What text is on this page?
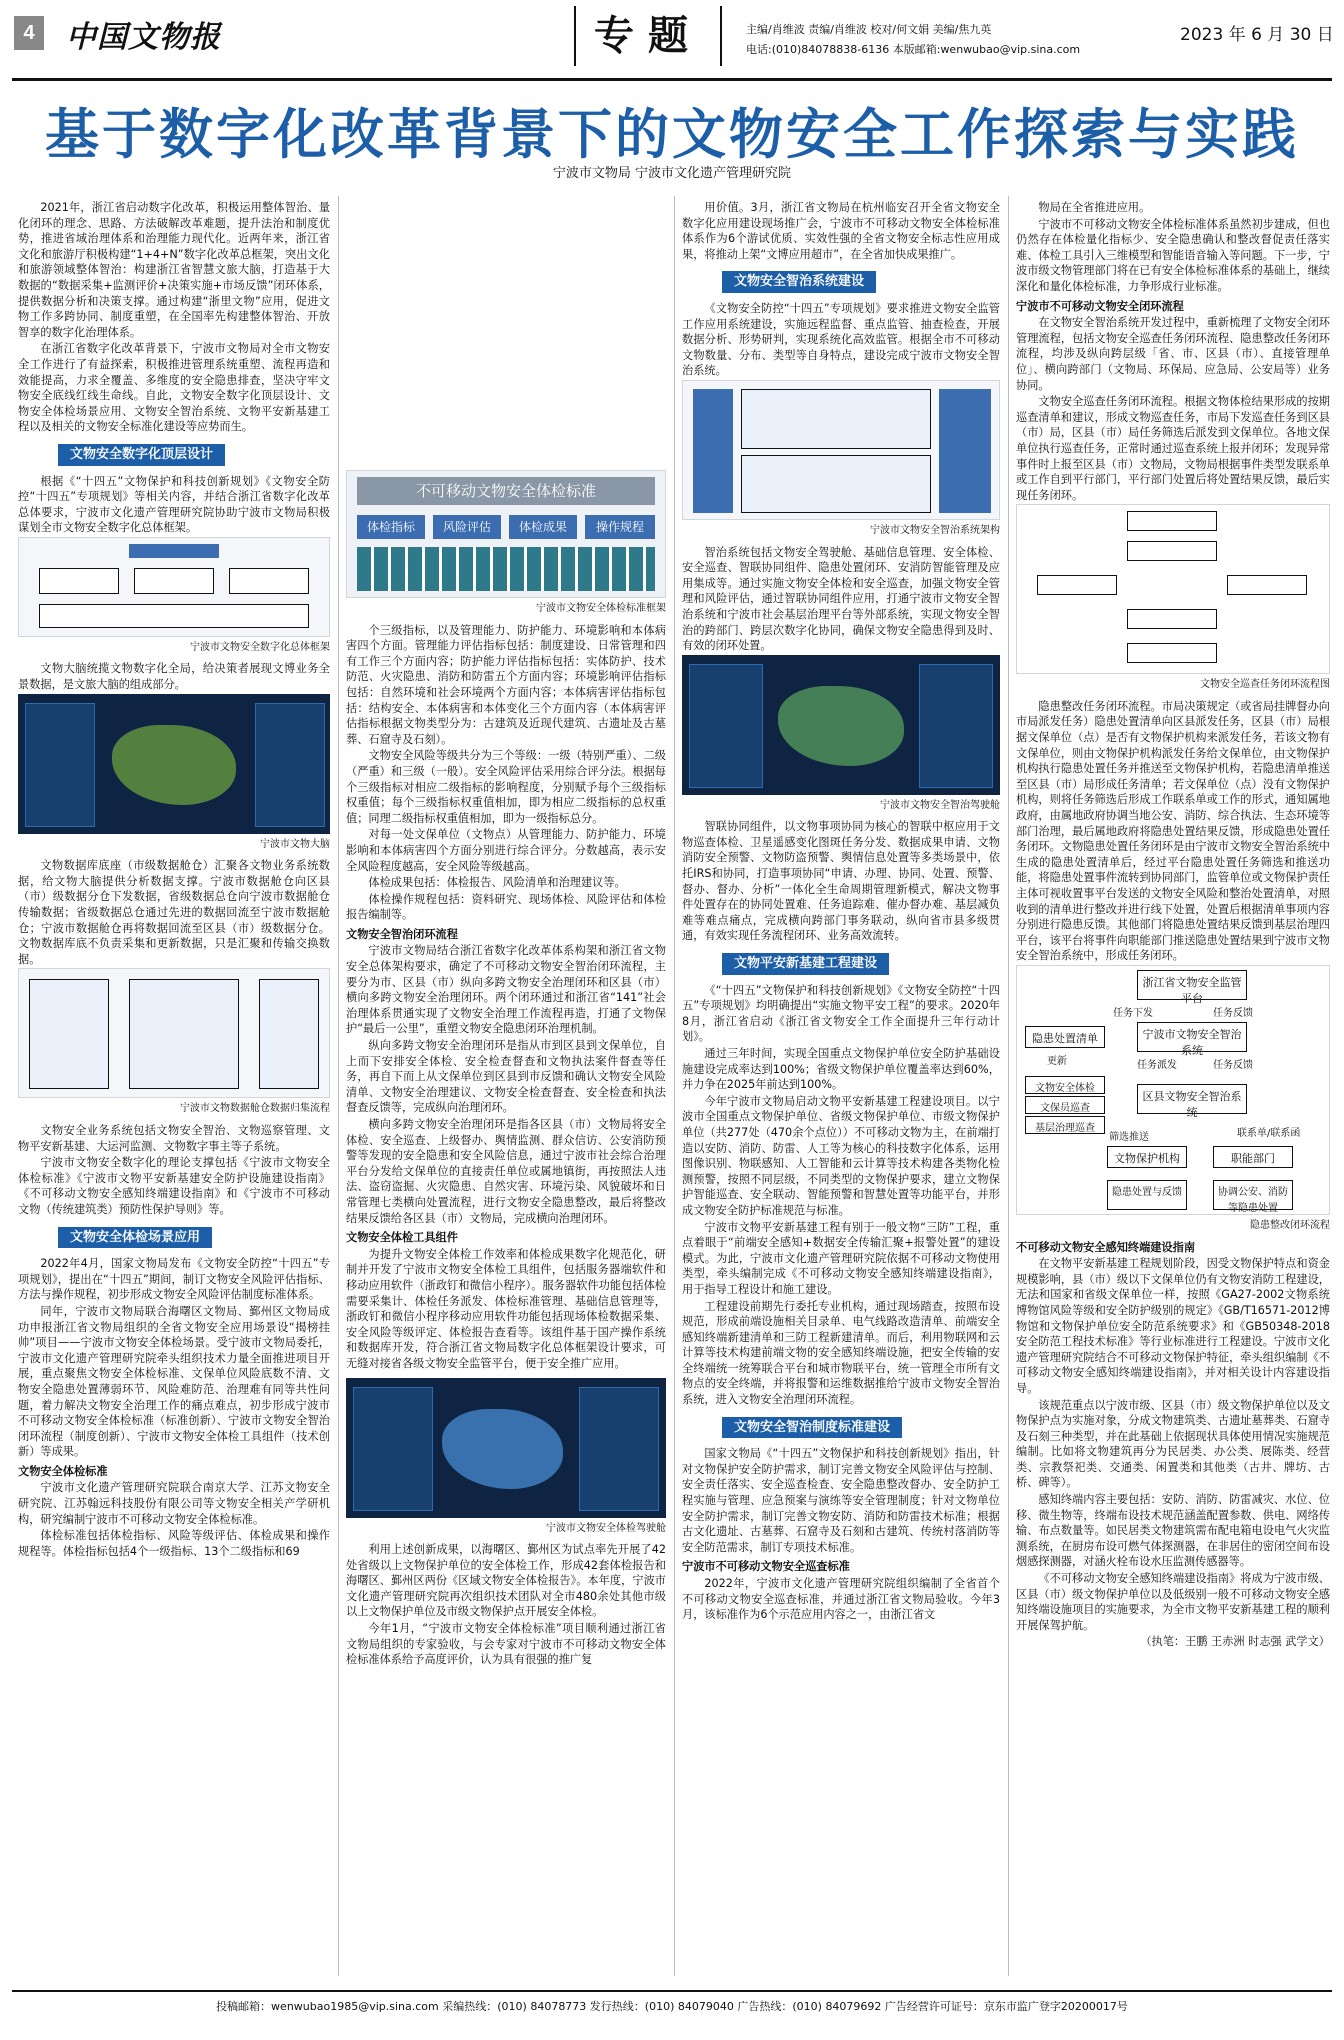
4	中国文物报	专题	主编/肖维波 责编/肖维波 校对/何文娟 美编/焦九英
电话:(010)84078838-6136 本版邮箱:wenwubao@vip.sina.com
2023 年 6 月 30 日
基于数字化改革背景下的文物安全工作探索与实践
宁波市文物局 宁波市文化遗产管理研究院

2021年，浙江省启动数字化改革，积极运用整体智治、量化闭环的理念、思路、方法破解改革难题，提升法治和制度优势，推进省域治理体系和治理能力现代化。近两年来，浙江省文化和旅游厅积极构建“1+4+N”数字化改革总框架，突出文化和旅游领域整体智治：构建浙江省智慧文旅大脑，打造基于大数据的“数据采集+监测评价+决策实施+市场反馈”闭环体系，提供数据分析和决策支撑。通过构建“浙里文物”应用，促进文物工作多跨协同、制度重塑，在全国率先构建整体智治、开放智享的数字化治理体系。

在浙江省数字化改革背景下，宁波市文物局对全市文物安全工作进行了有益探索，积极推进管理系统重塑、流程再造和效能提高，力求全覆盖、多维度的安全隐患排查，坚决守牢文物安全底线红线生命线。自此，文物安全数字化顶层设计、文物安全体检场景应用、文物安全智治系统、文物平安新基建工程以及相关的文物安全标准化建设等应势而生。

文物安全数字化顶层设计

根据《“十四五”文物保护和科技创新规划》《文物安全防控“十四五”专项规划》等相关内容，并结合浙江省数字化改革总体要求，宁波市文化遗产管理研究院协助宁波市文物局积极谋划全市文物安全数字化总体框架。

宁波市文物安全数字化总体框架

文物大脑统揽文物数字化全局，给决策者展现文博业务全景数据，是文旅大脑的组成部分。

宁波市文物大脑

文物数据库底座（市级数据舱仓）汇聚各文物业务系统数据，给文物大脑提供分析数据支撑。宁波市数据舱仓向区县（市）级数据分仓下发数据，省级数据总仓向宁波市数据舱仓传输数据；省级数据总仓通过先进的数据回流至宁波市数据舱仓；宁波市数据舱仓再将数据回流至区县（市）级数据分仓。文物数据库底不负责采集和更新数据，只是汇聚和传输交换数据。

宁波市文物数据舱仓数据归集流程

文物安全业务系统包括文物安全智治、文物巡察管理、文物平安新基建、大运河监测、文物数字事主等子系统。

宁波市文物安全数字化的理论支撑包括《宁波市文物安全体检标准》《宁波市文物平安新基建安全防护设施建设指南》《不可移动文物安全感知终端建设指南》和《宁波市不可移动文物（传统建筑类）预防性保护导则》等。

文物安全体检场景应用

2022年4月，国家文物局发布《文物安全防控“十四五”专项规划》，提出在“十四五”期间，制订文物安全风险评估指标、方法与操作规程，初步形成文物安全风险评估制度标准体系。

同年，宁波市文物局联合海曙区文物局、鄞州区文物局成功申报浙江省文物局组织的全省文物安全应用场景设“揭榜挂帅”项目——宁波市文物安全体检场景。受宁波市文物局委托，宁波市文化遗产管理研究院牵头组织技术力量全面推进项目开展，重点聚焦文物安全体检标准、文保单位风险底数不清、文物安全隐患处置薄弱环节、风险难防范、治理难有同等共性问题，着力解决文物安全治理工作的痛点难点，初步形成宁波市不可移动文物安全体检标准（标准创新）、宁波市文物安全智治闭环流程（制度创新）、宁波市文物安全体检工具组件（技术创新）等成果。

文物安全体检标准

宁波市文化遗产管理研究院联合南京大学、江苏文物安全研究院、江苏翰远科技股份有限公司等文物安全相关产学研机构，研究编制宁波市不可移动文物安全体检标准。

体检标准包括体检指标、风险等级评估、体检成果和操作规程等。体检指标包括4个一级指标、13个二级指标和69

不可移动文物安全体检标准
体检指标	风险评估	体检成果	操作规程
宁波市文物安全体检标准框架

个三级指标，以及管理能力、防护能力、环境影响和本体病害四个方面。管理能力评估指标包括：制度建设、日常管理和四有工作三个方面内容；防护能力评估指标包括：实体防护、技术防范、火灾隐患、消防和防雷五个方面内容；环境影响评估指标包括：自然环境和社会环境两个方面内容；本体病害评估指标包括：结构安全、本体病害和本体变化三个方面内容（本体病害评估指标根据文物类型分为：古建筑及近现代建筑、古遗址及古墓葬、石窟寺及石刻）。

文物安全风险等级共分为三个等级：一级（特别严重）、二级（严重）和三级（一般）。安全风险评估采用综合评分法。根据每个三级指标对相应二级指标的影响程度，分别赋予每个三级指标权重值；每个三级指标权重值相加，即为相应二级指标的总权重值；同理二级指标权重值相加，即为一级指标总分。

对每一处文保单位（文物点）从管理能力、防护能力、环境影响和本体病害四个方面分别进行综合评分。分数越高，表示安全风险程度越高，安全风险等级越高。

体检成果包括：体检报告、风险清单和治理建议等。

体检操作规程包括：资料研究、现场体检、风险评估和体检报告编制等。

文物安全智治闭环流程

宁波市文物局结合浙江省数字化改革体系构架和浙江省文物安全总体架构要求，确定了不可移动文物安全智治闭环流程，主要分为市、区县（市）纵向多跨文物安全治理闭环和区县（市）横向多跨文物安全治理闭环。两个闭环通过和浙江省“141”社会治理体系贯通实现了文物安全治理工作流程再造，打通了文物保护“最后一公里”，重塑文物安全隐患闭环治理机制。

纵向多跨文物安全治理闭环是指从市到区县到文保单位，自上而下安排安全体检、安全检查督查和文物执法案件督查等任务，再自下而上从文保单位到区县到市反馈和确认文物安全风险清单、文物安全治理建议、文物安全检查督查、安全检查和执法督查反馈等，完成纵向治理闭环。

横向多跨文物安全治理闭环是指各区县（市）文物局将安全体检、安全巡查、上级督办、舆情监测、群众信访、公安消防预警等发现的安全隐患和安全风险信息，通过宁波市社会综合治理平台分发给文保单位的直接责任单位或属地镇街，再按照法人违法、盗窃盗掘、火灾隐患、自然灾害、环境污染、风貌破坏和日常管理七类横向处置流程，进行文物安全隐患整改，最后将整改结果反馈给各区县（市）文物局，完成横向治理闭环。

文物安全体检工具组件

为提升文物安全体检工作效率和体检成果数字化规范化，研制并开发了宁波市文物安全体检工具组件，包括服务器端软件和移动应用软件（浙政钉和微信小程序）。服务器软件功能包括体检需要采集计、体检任务派发、体检标准管理、基础信息管理等，浙政钉和微信小程序移动应用软件功能包括现场体检数据采集、安全风险等级评定、体检报告查看等。该组件基于国产操作系统和数据库开发，符合浙江省文物局数字化总体框架设计要求，可无缝对接省各级文物安全监管平台，便于安全推广应用。

宁波市文物安全体检驾驶舱

利用上述创新成果，以海曙区、鄞州区为试点率先开展了42处省级以上文物保护单位的安全体检工作，形成42套体检报告和海曙区、鄞州区两份《区域文物安全体检报告》。本年度，宁波市文化遗产管理研究院再次组织技术团队对全市480余处其他市级以上文物保护单位及市级文物保护点开展安全体检。

今年1月，“宁波市文物安全体检标准”项目顺利通过浙江省文物局组织的专家验收，与会专家对宁波市不可移动文物安全体检标准体系给予高度评价，认为具有很强的推广复

用价值。3月，浙江省文物局在杭州临安召开全省文物安全数字化应用建设现场推广会，宁波市不可移动文物安全体检标准体系作为6个游试优质、实效性强的全省文物安全标志性应用成果，将推动上架“文博应用超市”，在全省加快成果推广。

文物安全智治系统建设

《文物安全防控“十四五”专项规划》要求推进文物安全监管工作应用系统建设，实施远程监督、重点监管、抽查检查，开展数据分析、形势研判，实现系统化高效监管。根据全市不可移动文物数量、分布、类型等自身特点，建设完成宁波市文物安全智治系统。

宁波市文物安全智治系统架构

智治系统包括文物安全驾驶舱、基础信息管理、安全体检、安全巡查、智联协同组件、隐患处置闭环、安消防智能管理及应用集成等。通过实施文物安全体检和安全巡查，加强文物安全管理和风险评估，通过智联协同组件应用，打通宁波市文物安全智治系统和宁波市社会基层治理平台等外部系统，实现文物安全智治的跨部门、跨层次数字化协同，确保文物安全隐患得到及时、有效的闭环处置。

宁波市文物安全智治驾驶舱

智联协同组件，以文物事项协同为核心的智联中枢应用于文物巡查体检、卫星遥感变化图斑任务分发、数据成果申请、文物消防安全预警、文物防盗预警、舆情信息处置等多类场景中，依托IRS和协同，打造事项协同“申请、办理、协同、处置、预警、督办、督办、分析”一体化全生命周期管理新模式，解决文物事件处置存在的协同处置难、任务追踪难、催办督办难、基层减负难等难点痛点，完成横向跨部门事务联动，纵向省市县多级贯通，有效实现任务流程闭环、业务高效流转。

文物平安新基建工程建设

《“十四五”文物保护和科技创新规划》《文物安全防控“十四五”专项规划》均明确提出“实施文物平安工程”的要求。2020年8月，浙江省启动《浙江省文物安全工作全面提升三年行动计划》。

通过三年时间，实现全国重点文物保护单位安全防护基础设施建设完成率达到100%；省级文物保护单位覆盖率达到60%，并力争在2025年前达到100%。

今年宁波市文物局启动文物平安新基建工程建设项目。以宁波市全国重点文物保护单位、省级文物保护单位、市级文物保护单位（共277处（470余个点位））不可移动文物为主，在前端打造以安防、消防、防雷、人工等为核心的科技数字化体系，运用图像识别、物联感知、人工智能和云计算等技术构建各类物化检测预警，按照不同层级，不同类型的文物保护要求，建立文物保护智能巡查、安全联动、智能预警和智慧处置等功能平台，并形成文物安全防护标准规范与标准。

宁波市文物平安新基建工程有别于一般文物“三防”工程，重点着眼于“前端安全感知+数据安全传输汇聚+报警处置”的建设模式。为此，宁波市文化遗产管理研究院依据不可移动文物使用类型，牵头编制完成《不可移动文物安全感知终端建设指南》，用于指导工程设计和施工建设。

工程建设前期先行委托专业机构，通过现场踏查，按照布设规范，形成前端设施相关目录单、电气线路改造清单、前端安全感知终端新建清单和三防工程新建清单。而后，利用物联网和云计算等技术构建前端文物的安全感知终端设施，把安全传输的安全终端统一统筹联合平台和城市物联平台，统一管理全市所有文物点的安全终端，并将报警和运维数据推给宁波市文物安全智治系统，进入文物安全治理闭环流程。

文物安全智治制度标准建设

国家文物局《“十四五”文物保护和科技创新规划》指出，针对文物保护安全防护需求，制订完善文物安全风险评估与控制、安全责任落实、安全巡查检查、安全隐患整改督办、安全防护工程实施与管理、应急预案与演练等安全管理制度；针对文物单位安全防护需求，制订完善文物安防、消防和防雷技术标准；根据古文化遗址、古墓葬、石窟寺及石刻和古建筑、传统村落消防等安全防范需求，制订专项技术标准。

宁波市不可移动文物安全巡查标准

2022年，宁波市文化遗产管理研究院组织编制了全省首个不可移动文物安全巡查标准，并通过浙江省文物局验收。今年3月，该标准作为6个示范应用内容之一，由浙江省文

物局在全省推进应用。

宁波市不可移动文物安全体检标准体系虽然初步建成，但也仍然存在体检量化指标少、安全隐患确认和整改督促责任落实难、体检工具引入三维模型和智能语音输入等问题。下一步，宁波市级文物管理部门将在已有安全体检标准体系的基础上，继续深化和量化体检标准，力争形成行业标准。

宁波市不可移动文物安全闭环流程

在文物安全智治系统开发过程中，重新梳理了文物安全闭环管理流程，包括文物安全巡查任务闭环流程、隐患整改任务闭环流程，均涉及纵向跨层级「省、市、区县（市）、直接管理单位」、横向跨部门（文物局、环保局、应急局、公安局等）业务协同。

文物安全巡查任务闭环流程。根据文物体检结果形成的按期巡查清单和建议，形成文物巡查任务，市局下发巡查任务到区县（市）局，区县（市）局任务筛选后派发到文保单位。各地文保单位执行巡查任务，正常时通过巡查系统上报并闭环；发现异常事件时上报至区县（市）文物局，文物局根据事件类型发联系单或工作自到平行部门，平行部门处置后将处置结果反馈，最后实现任务闭环。

文物安全巡查任务闭环流程图

隐患整改任务闭环流程。市局决策规定（或省局挂牌督办向市局派发任务）隐患处置清单向区县派发任务，区县（市）局根据文保单位（点）是否有文物保护机构来派发任务，若该文物有文保单位，则由文物保护机构派发任务给文保单位，由文物保护机构执行隐患处置任务并推送至文物保护机构，若隐患清单推送至区县（市）局形成任务清单；若文保单位（点）没有文物保护机构，则将任务筛选后形成工作联系单或工作的形式，通知属地政府，由属地政府协调当地公安、消防、综合执法、生态环境等部门治理，最后属地政府将隐患处置结果反馈，形成隐患处置任务闭环。文物隐患处置任务闭环是由宁波市文物安全智治系统中生成的隐患处置清单后，经过平台隐患处置任务筛选和推送功能，将隐患处置事件流转到协同部门，监管单位或文物保护责任主体可视收置事平台发送的文物安全风险和整治处置清单，对照收到的清单进行整改并进行线下处置，处置后根据清单事项内容分别进行隐患反馈。其他部门将隐患处置结果反馈到基层治理四平台，该平台将事件向职能部门推送隐患处置结果到宁波市文物安全智治系统中，形成任务闭环。

浙江省文物安全监管平台
任务下发	任务反馈
隐患处置清单	宁波市文物安全智治系统
更新	任务派发	任务反馈
文物安全体检
文保员巡查
基层治理巡查
区县文物安全智治系统
筛选推送	联系单/联系函
文物保护机构	职能部门
隐患处置与反馈	协调公安、消防等隐患处置
隐患整改闭环流程

不可移动文物安全感知终端建设指南

在文物平安新基建工程规划阶段，因受文物保护特点和资金规模影响，县（市）级以下文保单位仍有文物安消防工程建设，无法和国家和省级文保单位一样，按照《GA27-2002文物系统博物馆风险等级和安全防护级别的规定》《GB/T16571-2012博物馆和文物保护单位安全防范系统要求》和《GB50348-2018安全防范工程技术标准》等行业标准进行工程建设。宁波市文化遗产管理研究院结合不可移动文物保护特征，牵头组织编制《不可移动文物安全感知终端建设指南》，并对相关设计内容建设指导。

该规范重点以宁波市级、区县（市）级文物保护单位以及文物保护点为实施对象，分成文物建筑类、古遗址墓葬类、石窟寺及石刻三种类型，并在此基础上依据现状具体使用情况实施规范编制。比如将文物建筑再分为民居类、办公类、展陈类、经营类、宗教祭祀类、交通类、闲置类和其他类（古井、牌坊、古桥、碑等）。

感知终端内容主要包括：安防、消防、防雷减灾、水位、位移、微生物等，终端布设技术规范涵盖配置参数、供电、网络传输、布点数量等。如民居类文物建筑需布配电箱电设电气火灾监测系统，在厨房布设可燃气体探测器，在非居住的密闭空间布设烟感探测器，对涵火栓布设水压监测传感器等。

《不可移动文物安全感知终端建设指南》将成为宁波市级、区县（市）级文物保护单位以及低级别一般不可移动文物安全感知终端设施项目的实施要求，为全市文物平安新基建工程的顺利开展保驾护航。

（执笔：王鹏 王赤洲 时志强 武学文）

投稿邮箱：wenwubao1985@vip.sina.com 采编热线：(010) 84078773 发行热线：(010) 84079040 广告热线：(010) 84079692 广告经营许可证号：京东市监广登字20200017号
